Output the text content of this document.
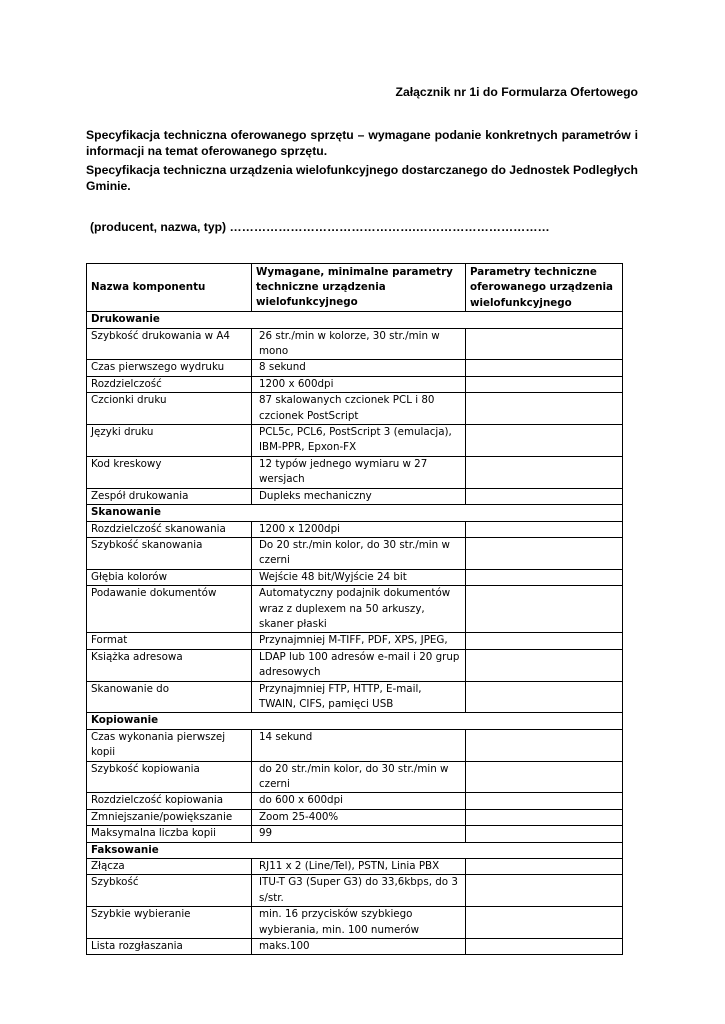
Załącznik nr 1i do Formularza Ofertowego
Specyfikacja techniczna oferowanego sprzętu – wymagane podanie konkretnych parametrów i informacji na temat oferowanego sprzętu.
Specyfikacja techniczna urządzenia wielofunkcyjnego dostarczanego do Jednostek Podległych Gminie.
(producent, nazwa, typ) ……………………………………….……………………………
Nazwa komponentu	Wymagane, minimalne parametry techniczne urządzenia wielofunkcyjnego	Parametry techniczne oferowanego urządzenia wielofunkcyjnego
Drukowanie		
Szybkość drukowania w A4	26 str./min w kolorze, 30 str./min w mono	
Czas pierwszego wydruku	8 sekund	
Rozdzielczość	1200 x 600dpi	
Czcionki druku	87 skalowanych czcionek PCL i 80 czcionek PostScript	
Języki druku	PCL5c, PCL6, PostScript 3 (emulacja), IBM-PPR, Epxon-FX	
Kod kreskowy	12 typów jednego wymiaru w 27 wersjach	
Zespół drukowania	Dupleks mechaniczny	
Skanowanie		
Rozdzielczość skanowania	1200 x 1200dpi	
Szybkość skanowania	Do 20 str./min kolor, do 30 str./min w czerni	
Głębia kolorów	Wejście 48 bit/Wyjście 24 bit	
Podawanie dokumentów	Automatyczny podajnik dokumentów wraz z duplexem na 50 arkuszy, skaner płaski	
Format	Przynajmniej M-TIFF, PDF, XPS, JPEG,	
Książka adresowa	LDAP lub 100 adresów e-mail i 20 grup adresowych	
Skanowanie do	Przynajmniej FTP, HTTP, E-mail, TWAIN, CIFS, pamięci USB	
Kopiowanie		
Czas wykonania pierwszej kopii	14 sekund	
Szybkość kopiowania	do 20 str./min kolor, do 30 str./min w czerni	
Rozdzielczość kopiowania	do 600 x 600dpi	
Zmniejszanie/powiększanie	Zoom 25-400%	
Maksymalna liczba kopii	99	
Faksowanie		
Złącza	RJ11 x 2 (Line/Tel), PSTN, Linia PBX	
Szybkość	ITU-T G3 (Super G3) do 33,6kbps, do 3 s/str.	
Szybkie wybieranie	min. 16 przycisków szybkiego wybierania, min. 100 numerów	
Lista rozgłaszania	maks.100	
